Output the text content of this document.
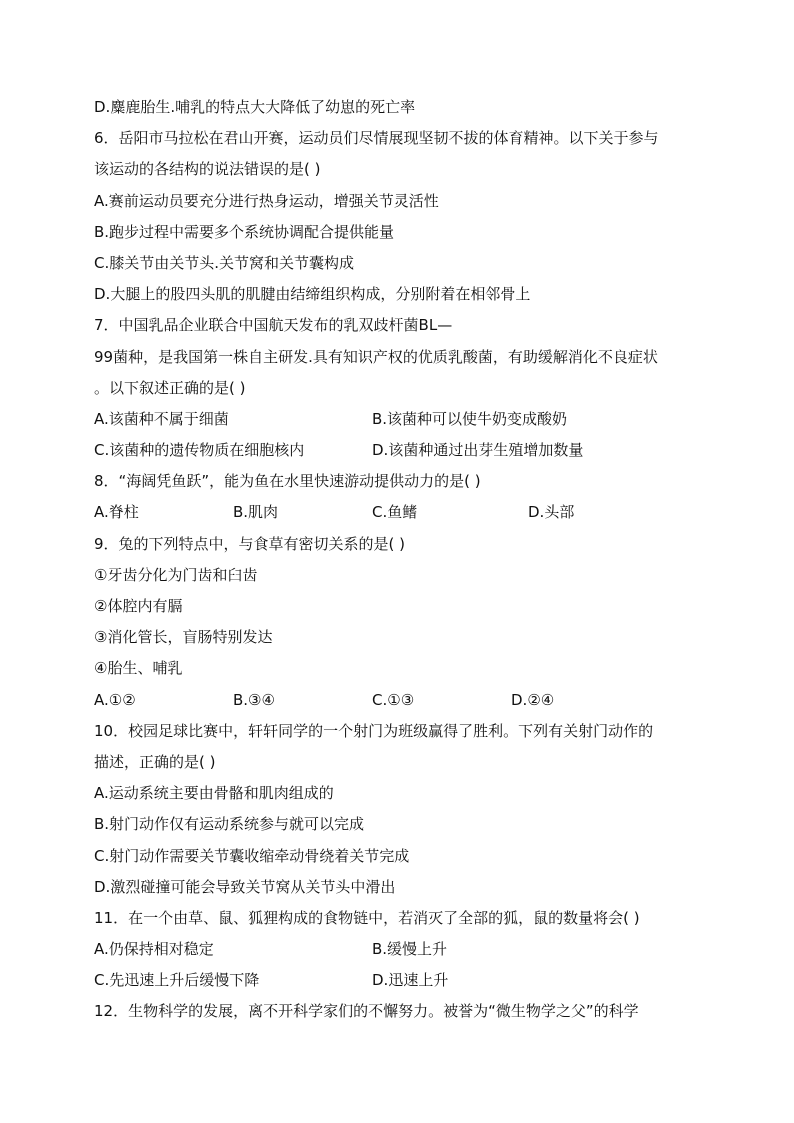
D.麋鹿胎生.哺乳的特点大大降低了幼崽的死亡率
6．岳阳市马拉松在君山开赛，运动员们尽情展现坚韧不拔的体育精神。以下关于参与
该运动的各结构的说法错误的是( )
A.赛前运动员要充分进行热身运动，增强关节灵活性
B.跑步过程中需要多个系统协调配合提供能量
C.膝关节由关节头.关节窝和关节囊构成
D.大腿上的股四头肌的肌腱由结缔组织构成，分别附着在相邻骨上
7．中国乳品企业联合中国航天发布的乳双歧杆菌BL—
99菌种，是我国第一株自主研发.具有知识产权的优质乳酸菌，有助缓解消化不良症状
。以下叙述正确的是( )
A.该菌种不属于细菌	B.该菌种可以使牛奶变成酸奶
C.该菌种的遗传物质在细胞核内	D.该菌种通过出芽生殖增加数量
8．“海阔凭鱼跃”，能为鱼在水里快速游动提供动力的是( )
A.脊柱	B.肌肉	C.鱼鳍	D.头部
9．兔的下列特点中，与食草有密切关系的是( )
①牙齿分化为门齿和臼齿
②体腔内有膈
③消化管长，盲肠特别发达
④胎生、哺乳
A.①②	B.③④	C.①③	D.②④
10．校园足球比赛中，轩轩同学的一个射门为班级赢得了胜利。下列有关射门动作的
描述，正确的是( )
A.运动系统主要由骨骼和肌肉组成的
B.射门动作仅有运动系统参与就可以完成
C.射门动作需要关节囊收缩牵动骨绕着关节完成
D.激烈碰撞可能会导致关节窝从关节头中滑出
11．在一个由草、鼠、狐狸构成的食物链中，若消灭了全部的狐，鼠的数量将会( )
A.仍保持相对稳定	B.缓慢上升
C.先迅速上升后缓慢下降	D.迅速上升
12．生物科学的发展，离不开科学家们的不懈努力。被誉为“微生物学之父”的科学
